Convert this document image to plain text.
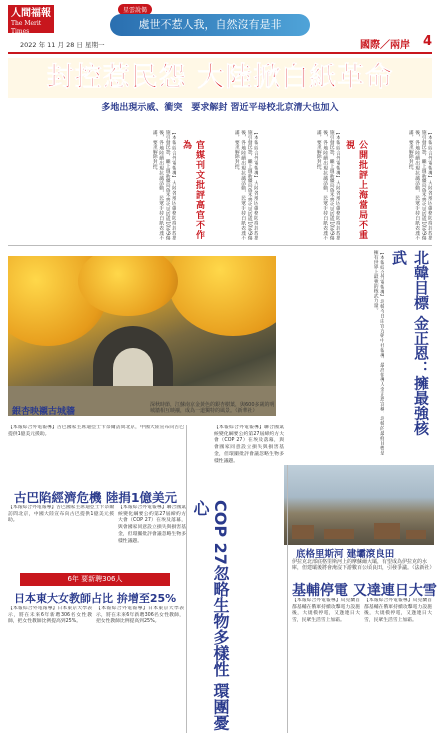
人間福報
The Merit Times
星雲說偈
處世不惹人我，自然沒有是非
2022 年 11 月 28 日 星期一	國際／兩岸 4
封控惹民怨 大陸掀白紙革命
多地出現示威、衝突　要求解封 習近平母校北京清大也加入
【本報綜合外電報導】大陸各地因嚴格防疫封控措施引發民怨，繼上週新疆烏魯木齊火災造成10死9傷後，各地陸續出現抗議活動，民眾手持白紙表達不滿，要求解除封控。
公開批評上海當局不重視
【本報綜合外電報導】大陸各地因嚴格防疫封控措施引發民怨，繼上週新疆烏魯木齊火災造成10死9傷後，各地陸續出現抗議活動，民眾手持白紙表達不滿，要求解除封控。
官媒刊文批評高官不作為	【本報綜合外電報導】大陸各地因嚴格防疫封控措施引發民怨，繼上週新疆烏魯木齊火災造成10死9傷後，各地陸續出現抗議活動，民眾手持白紙表達不滿，要求解除封控。
【本報綜合外電報導】大陸各地因嚴格防疫封控措施引發民怨，繼上週新疆烏魯木齊火災造成10死9傷後，各地陸續出現抗議活動，民眾手持白紙表達不滿，要求解除封控。
銀杏映襯古城牆
深秋時節，江蘇南京金黃色的銀杏樹葉，與600多歲的明城牆相互映襯，成為一道獨特的風景。（新華社）	北韓目標 金正恩：擁最強核武
【本報綜合外電報導】北韓今日由官方朝中社報導，最高領導人金正恩宣稱，北韓的最終目標是擁有世界上最強的核武力量。
底格里斯河 建壩滾良田
伊拉克北部底格里斯河上的摩蘇爾大壩，有望成為伊拉克的水庫，但建壩後將會淹沒下游數百公頃良田，引發爭議。（法新社）
基輔停電 又達連日大雪
【本報綜合外電報導】烏克蘭首都基輔在俄軍持續攻擊電力設施後，大規模停電，又逢連日大雪，民眾生活雪上加霜。
【本報綜合外電報導】烏克蘭首都基輔在俄軍持續攻擊電力設施後，大規模停電，又逢連日大雪，民眾生活雪上加霜。
COP 27忽略生物多樣性 環團憂心
【本報綜合外電報導】聯合國氣候變化綱要公約第27屆締約方大會（COP 27）在埃及落幕，與會國家同意設立損失與損害基金，但環團批評會議忽略生物多樣性議題。
【本報綜合外電報導】聯合國氣候變化綱要公約第27屆締約方大會（COP 27）在埃及落幕，與會國家同意設立損失與損害基金，但環團批評會議忽略生物多樣性議題。
【本報綜合外電報導】古巴國家主席迪亞士卡奈爾訪問北京，中國大陸宣布向古巴提供1億美元援助。
古巴陷經濟危機 陸捐1億美元
【本報綜合外電報導】古巴國家主席迪亞士卡奈爾訪問北京，中國大陸宣布向古巴提供1億美元援助。
6年 要新聘306人
日本東大女教師占比 拚增至25%
【本報綜合外電報導】日本東京大學表示，將在未來6年新聘306名女性教師，把女性教師比例提高到25%。
【本報綜合外電報導】日本東京大學表示，將在未來6年新聘306名女性教師，把女性教師比例提高到25%。
